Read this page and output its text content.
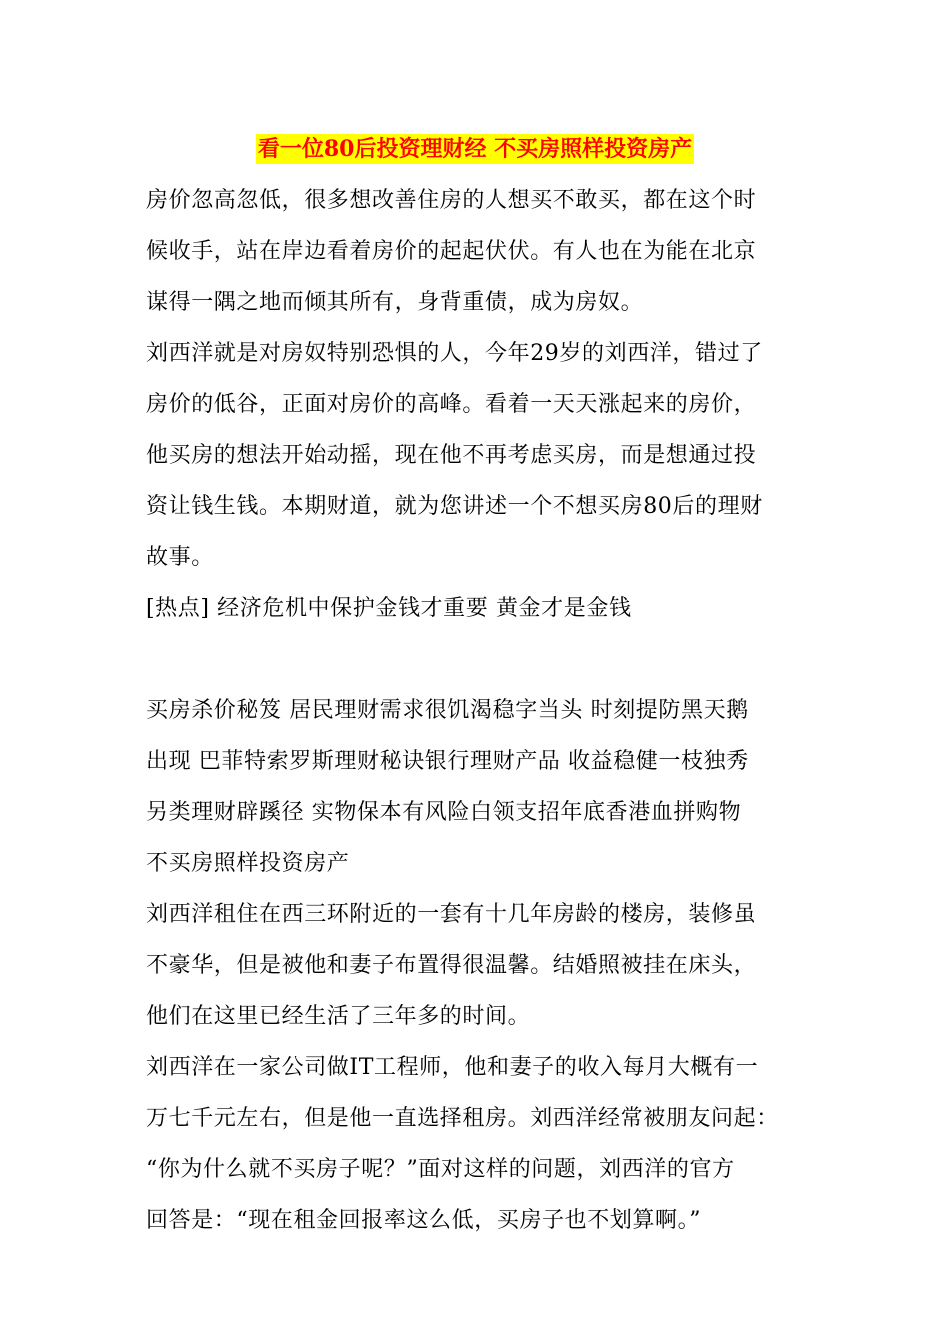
看一位80后投资理财经 不买房照样投资房产
房价忽高忽低，很多想改善住房的人想买不敢买，都在这个时
候收手，站在岸边看着房价的起起伏伏。有人也在为能在北京
谋得一隅之地而倾其所有，身背重债，成为房奴。
刘西洋就是对房奴特别恐惧的人，今年29岁的刘西洋，错过了
房价的低谷，正面对房价的高峰。看着一天天涨起来的房价，
他买房的想法开始动摇，现在他不再考虑买房，而是想通过投
资让钱生钱。本期财道，就为您讲述一个不想买房80后的理财
故事。
[热点] 经济危机中保护金钱才重要 黄金才是金钱
买房杀价秘笈 居民理财需求很饥渴稳字当头 时刻提防黑天鹅
出现 巴菲特索罗斯理财秘诀银行理财产品 收益稳健一枝独秀
另类理财辟蹊径 实物保本有风险白领支招年底香港血拼购物
不买房照样投资房产
刘西洋租住在西三环附近的一套有十几年房龄的楼房，装修虽
不豪华，但是被他和妻子布置得很温馨。结婚照被挂在床头，
他们在这里已经生活了三年多的时间。
刘西洋在一家公司做IT工程师，他和妻子的收入每月大概有一
万七千元左右，但是他一直选择租房。刘西洋经常被朋友问起：
“你为什么就不买房子呢？”面对这样的问题，刘西洋的官方
回答是：“现在租金回报率这么低，买房子也不划算啊。”
